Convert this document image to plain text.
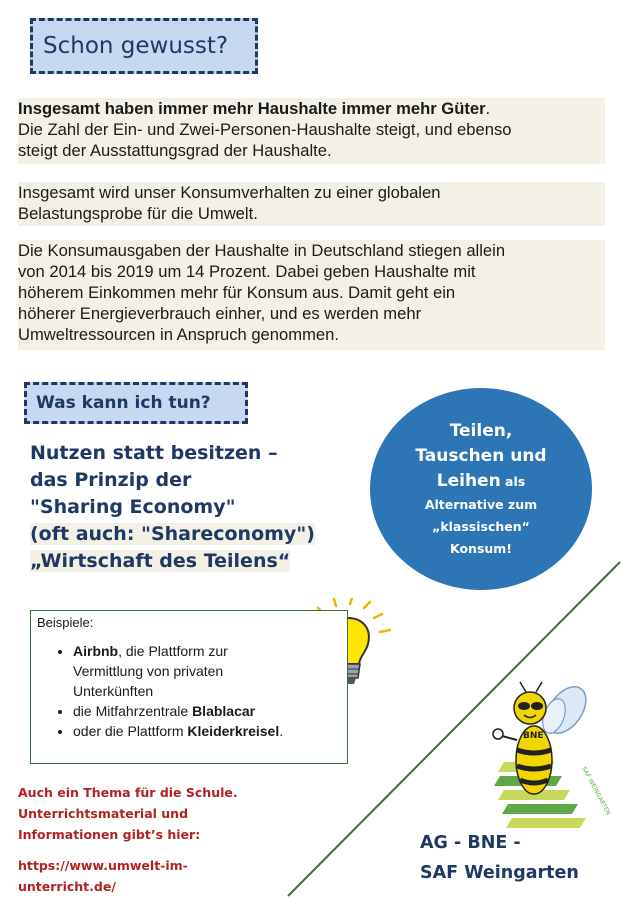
Schon gewusst?
Insgesamt haben immer mehr Haushalte immer mehr Güter.
Die Zahl der Ein- und Zwei-Personen-Haushalte steigt, und ebenso
steigt der Ausstattungsgrad der Haushalte.
Insgesamt wird unser Konsumverhalten zu einer globalen
Belastungsprobe für die Umwelt.
Die Konsumausgaben der Haushalte in Deutschland stiegen allein
von 2014 bis 2019 um 14 Prozent. Dabei geben Haushalte mit
höherem Einkommen mehr für Konsum aus. Damit geht ein
höherer Energieverbrauch einher, und es werden mehr
Umweltressourcen in Anspruch genommen.
Was kann ich tun?
Nutzen statt besitzen –
das Prinzip der
"Sharing Economy"
(oft auch: "Shareconomy")
„Wirtschaft des Teilens“
Teilen,
Tauschen und
Leihen als
Alternative zum
„klassischen“
Konsum!
Beispiele:
• Airbnb, die Plattform zur
Vermittlung von privaten
Unterkünften
• die Mitfahrzentrale Blablacar
• oder die Plattform Kleiderkreisel.	BNE
SAF WEINGARTEN
Auch ein Thema für die Schule.
Unterrichtsmaterial und
Informationen gibt’s hier:
https://www.umwelt-im-
unterricht.de/
AG - BNE -
SAF Weingarten
